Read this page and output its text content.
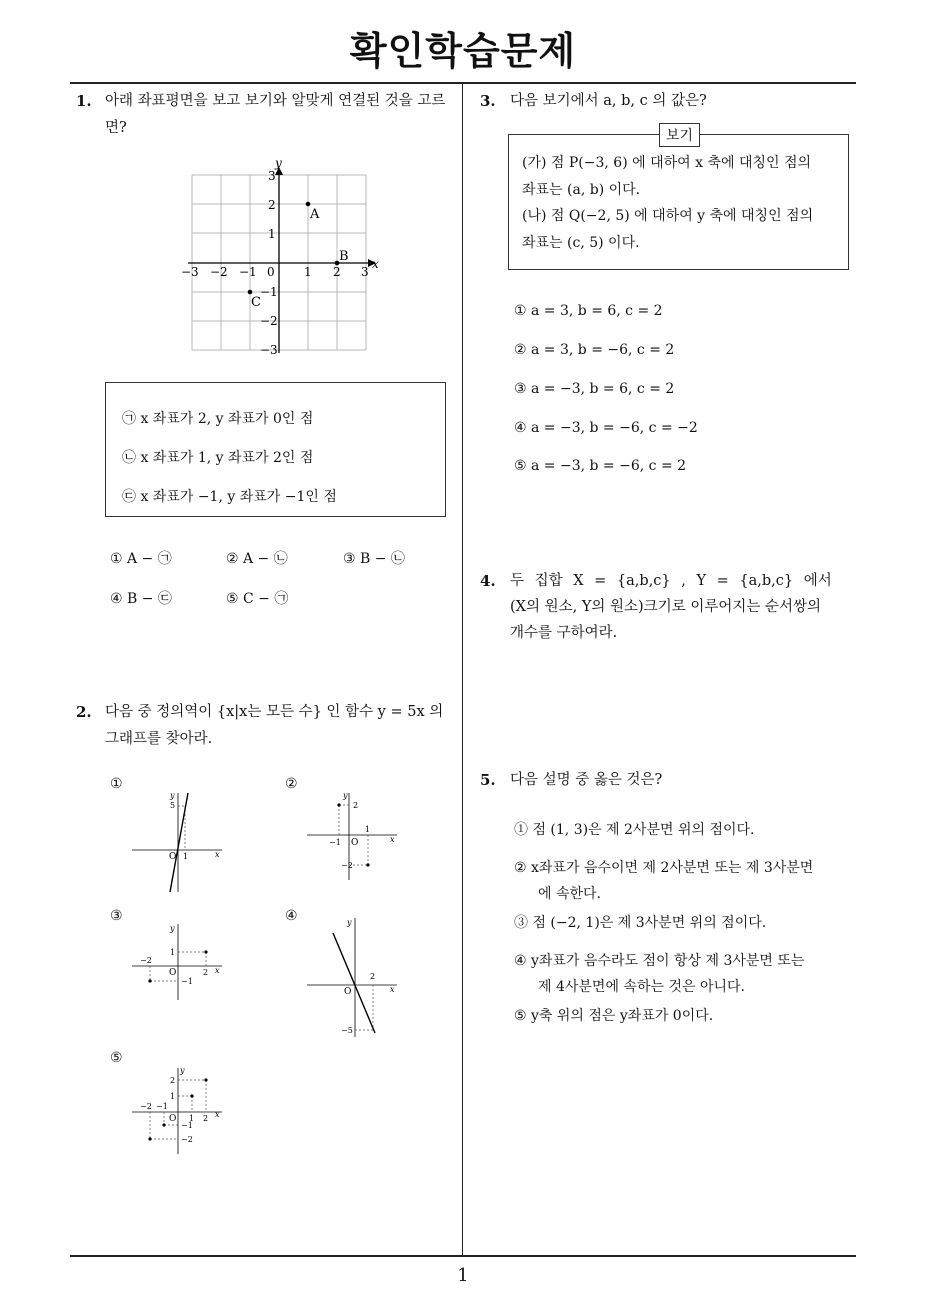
확인학습문제
1
1. 아래 좌표평면을 보고 보기와 알맞게 연결된 것을 고르면?
x
y
0
−3 −2 −1	1 2 3
3
2
1
−1
−2
−3
A
B
C
㉠ x 좌표가 2, y 좌표가 0인 점
㉡ x 좌표가 1, y 좌표가 2인 점
㉢ x 좌표가 −1, y 좌표가 −1인 점
① A − ㉠	② A − ㉡	③ B − ㉡
④ B − ㉢	⑤ C − ㉠
2. 다음 중 정의역이 {x|x는 모든 수} 인 함수 y = 5x 의 그래프를 찾아라.
①	②
③	④
⑤
y
5
O 1	x
y
2
1
−1 O	x
−2
y
1
−2
O	2 x
−1
y
2
O	x
−5
y
2
1
−2 −1
O 1 2 x
−1
−2
3. 다음 보기에서 a, b, c 의 값은?
보기
(가) 점 P(−3, 6) 에 대하여 x 축에 대칭인 점의
좌표는 (a, b) 이다.
(나) 점 Q(−2, 5) 에 대하여 y 축에 대칭인 점의
좌표는 (c, 5) 이다.
① a = 3, b = 6, c = 2
② a = 3, b = −6, c = 2
③ a = −3, b = 6, c = 2
④ a = −3, b = −6, c = −2
⑤ a = −3, b = −6, c = 2
4. 두 집합 X = {a,b,c} , Y = {a,b,c} 에서
(X의 원소, Y의 원소)크기로 이루어지는 순서쌍의
개수를 구하여라.
5. 다음 설명 중 옳은 것은?
① 점 (1, 3)은 제 2사분면 위의 점이다.
② x좌표가 음수이면 제 2사분면 또는 제 3사분면
에 속한다.
③ 점 (−2, 1)은 제 3사분면 위의 점이다.
④ y좌표가 음수라도 점이 항상 제 3사분면 또는
제 4사분면에 속하는 것은 아니다.
⑤ y축 위의 점은 y좌표가 0이다.
